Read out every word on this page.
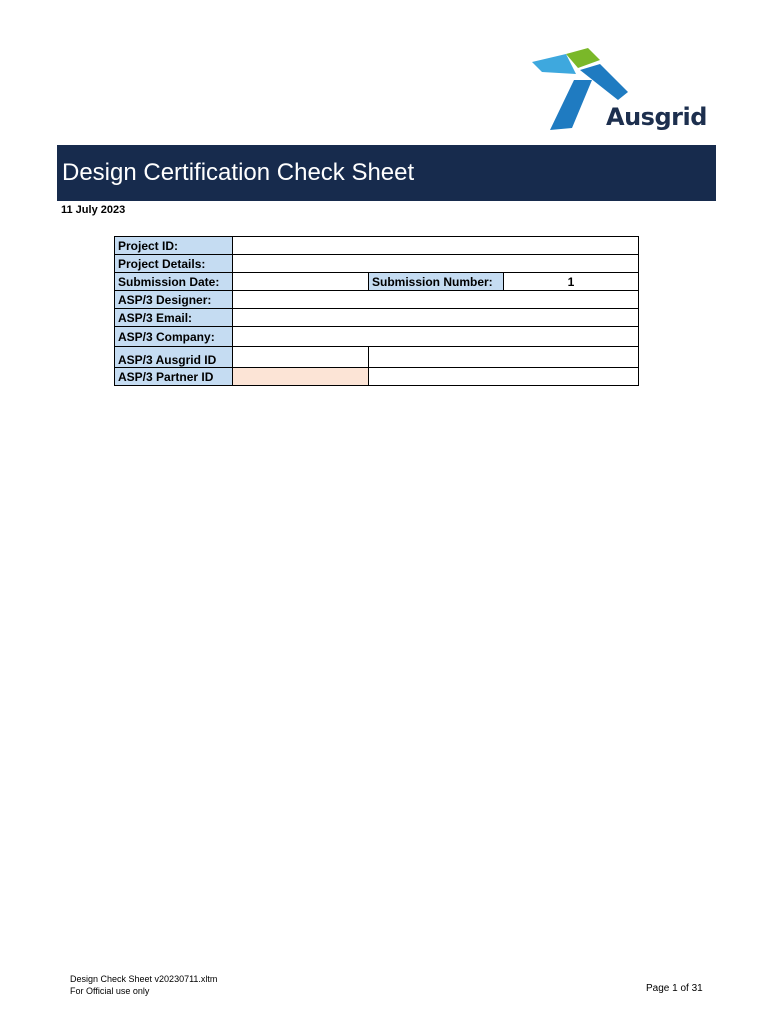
Ausgrid
Design Certification Check Sheet
11 July 2023
Project ID:			
Project Details:			
Submission Date:		Submission Number:	1
ASP/3 Designer:			
ASP/3 Email:			
ASP/3 Company:			
ASP/3 Ausgrid ID			
ASP/3 Partner ID			
Design Check Sheet v20230711.xltm
For Official use only	Page 1 of 31
